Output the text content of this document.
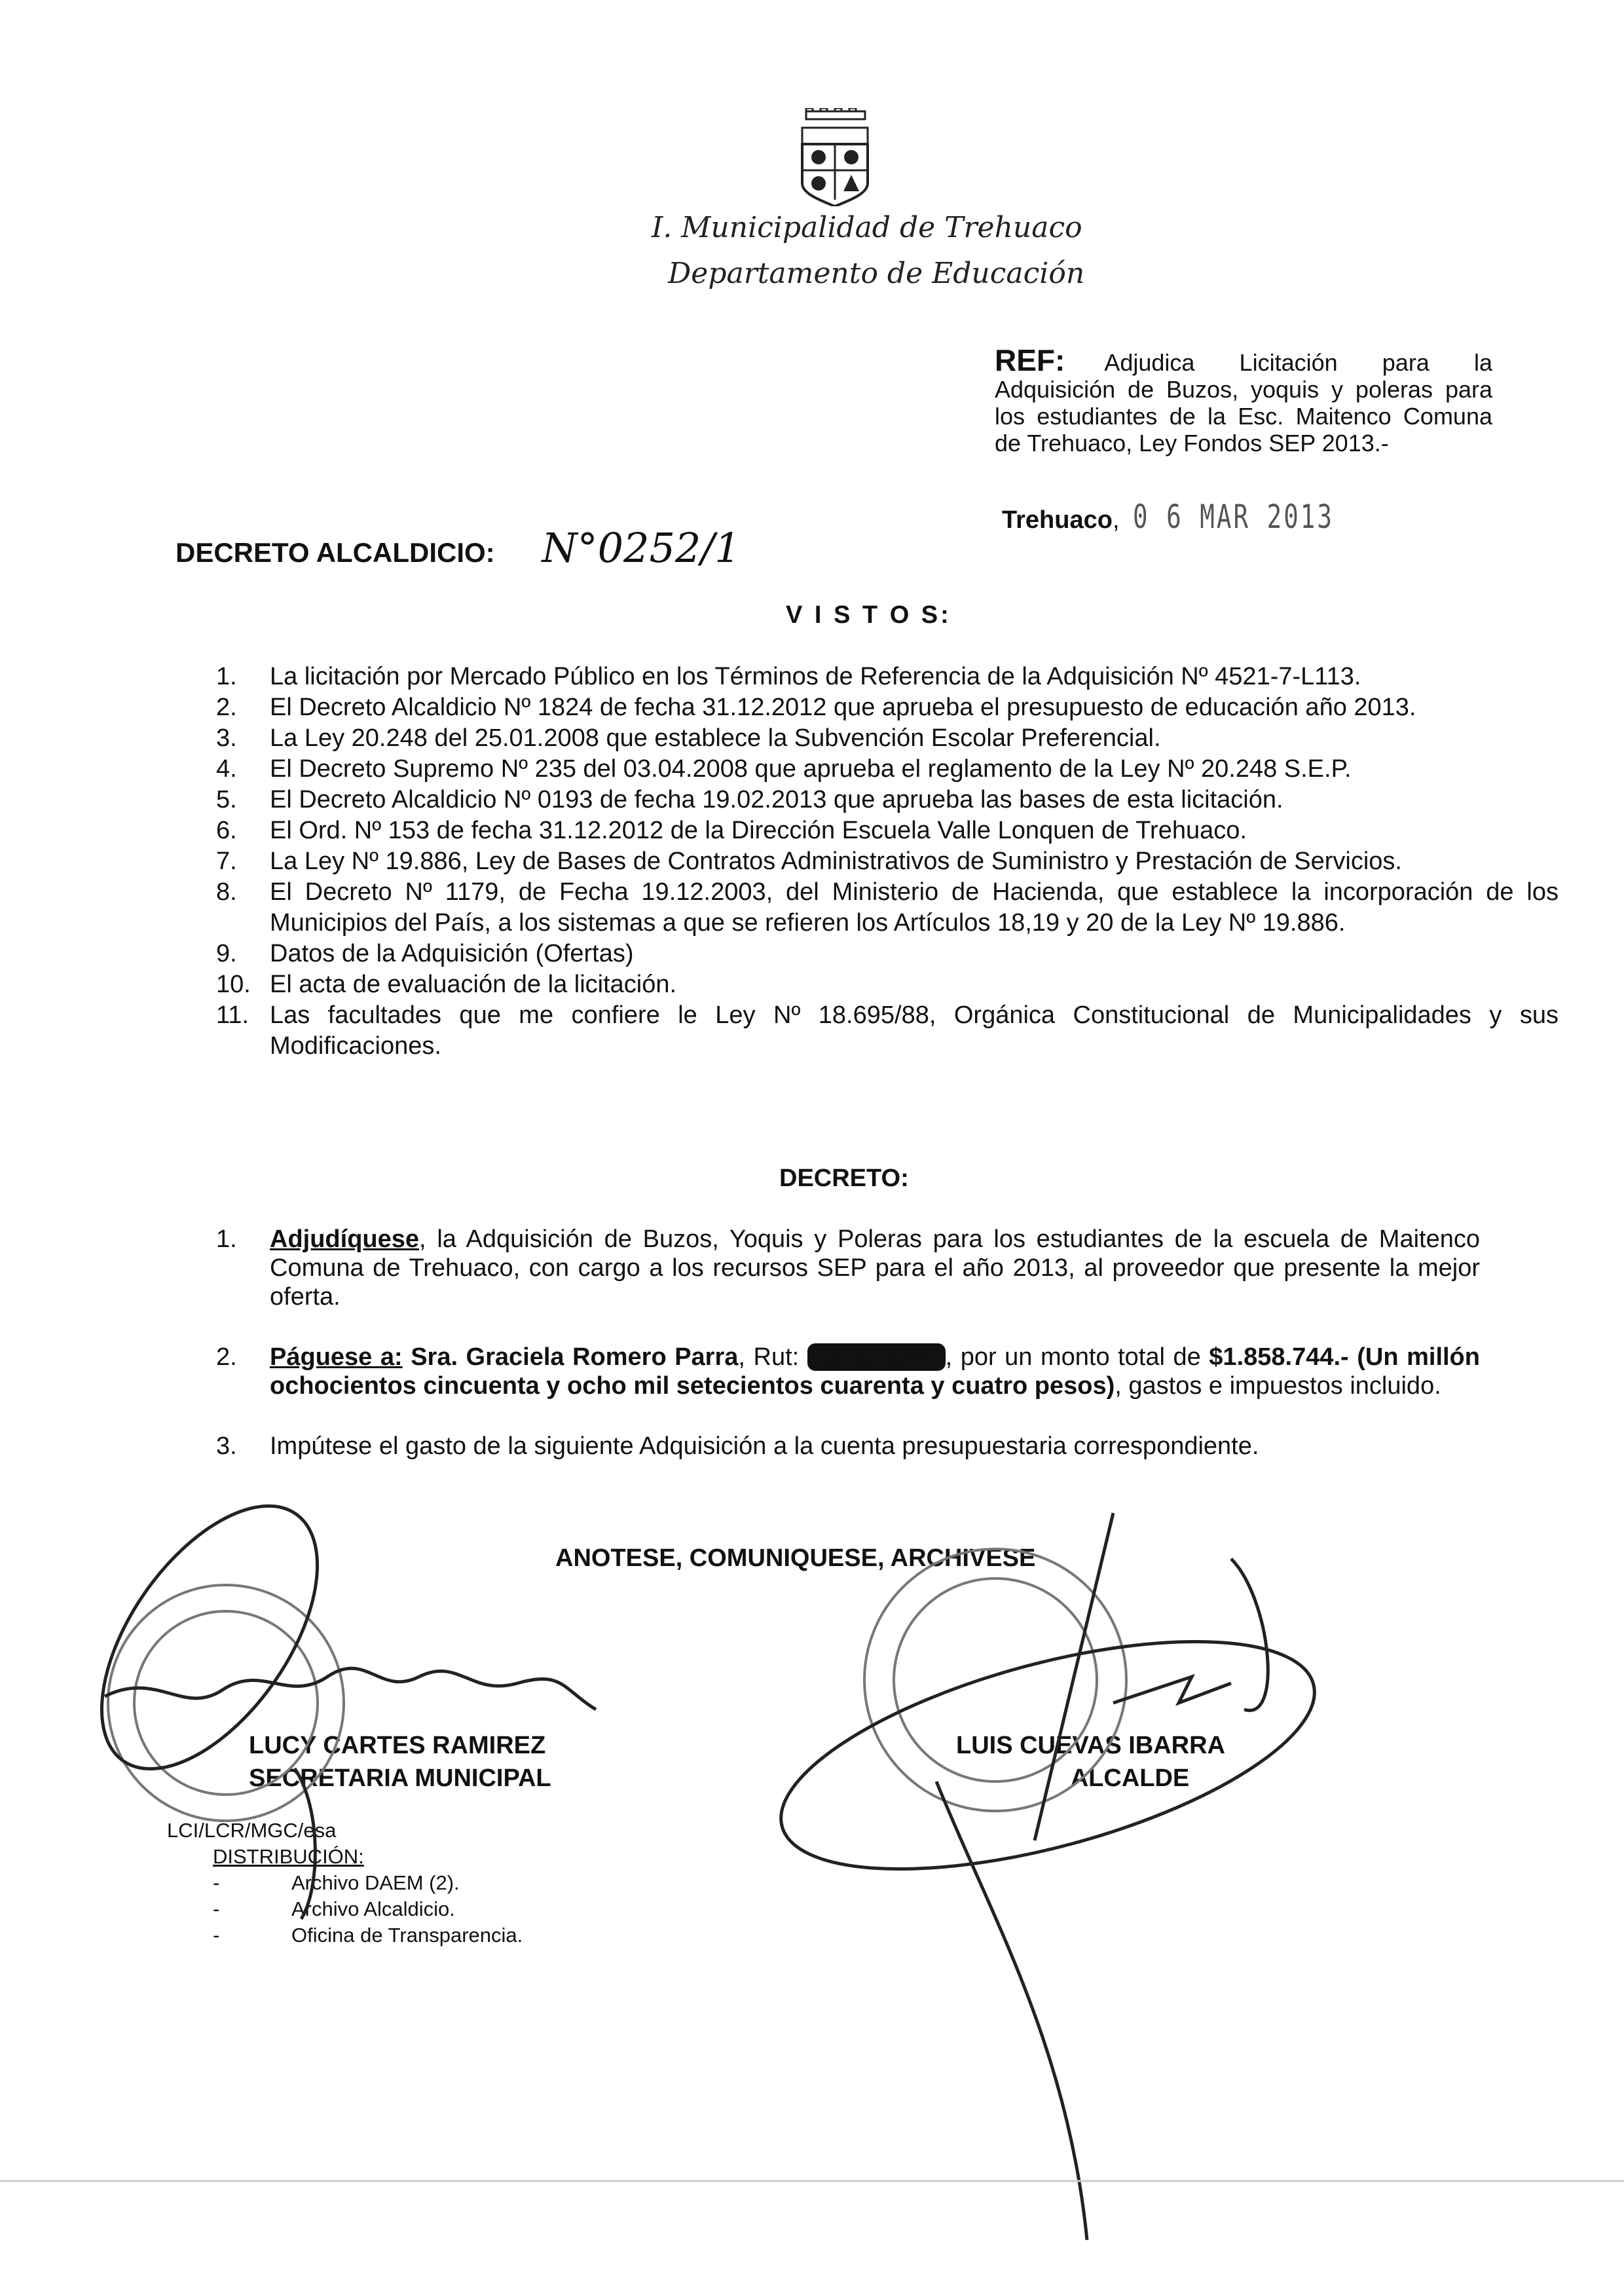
I. Municipalidad de Trehuaco
Departamento de Educación
REF: Adjudica Licitación para la Adquisición de Buzos, yoquis y poleras para los estudiantes de la Esc. Maitenco Comuna de Trehuaco, Ley Fondos SEP 2013.-
Trehuaco, 0 6 MAR 2013
DECRETO ALCALDICIO: N°0252/1
V I S T O S:
1.	La licitación por Mercado Público en los Términos de Referencia de la Adquisición Nº 4521-7-L113.
2.	El Decreto Alcaldicio Nº 1824 de fecha 31.12.2012 que aprueba el presupuesto de educación año 2013.
3.	La Ley 20.248 del 25.01.2008 que establece la Subvención Escolar Preferencial.
4.	El Decreto Supremo Nº 235 del 03.04.2008 que aprueba el reglamento de la Ley Nº 20.248 S.E.P.
5.	El Decreto Alcaldicio Nº 0193 de fecha 19.02.2013 que aprueba las bases de esta licitación.
6.	El Ord. Nº 153 de fecha 31.12.2012 de la Dirección Escuela Valle Lonquen de Trehuaco.
7.	La Ley Nº 19.886, Ley de Bases de Contratos Administrativos de Suministro y Prestación de Servicios.
8.	El Decreto Nº 1179, de Fecha 19.12.2003, del Ministerio de Hacienda, que establece la incorporación de los Municipios del País, a los sistemas a que se refieren los Artículos 18,19 y 20 de la Ley Nº 19.886.
9.	Datos de la Adquisición (Ofertas)
10. El acta de evaluación de la licitación.
11. Las facultades que me confiere le Ley Nº 18.695/88, Orgánica Constitucional de Municipalidades y sus Modificaciones.
DECRETO:
1.	Adjudíquese, la Adquisición de Buzos, Yoquis y Poleras para los estudiantes de la escuela de Maitenco Comuna de Trehuaco, con cargo a los recursos SEP para el año 2013, al proveedor que presente la mejor oferta.
2.	Páguese a: Sra. Graciela Romero Parra, Rut: 7.646.304-2 , por un monto total de $1.858.744.- (Un millón ochocientos cincuenta y ocho mil setecientos cuarenta y cuatro pesos), gastos e impuestos incluido.
3.	Impútese el gasto de la siguiente Adquisición a la cuenta presupuestaria correspondiente.
ANOTESE, COMUNIQUESE, ARCHIVESE
LUCY CARTES RAMIREZ
SECRETARIA MUNICIPAL
LUIS CUEVAS IBARRA
ALCALDE
LCI/LCR/MGC/esa
DISTRIBUCIÓN:
-	Archivo DAEM (2).
-	Archivo Alcaldicio.
-	Oficina de Transparencia.
